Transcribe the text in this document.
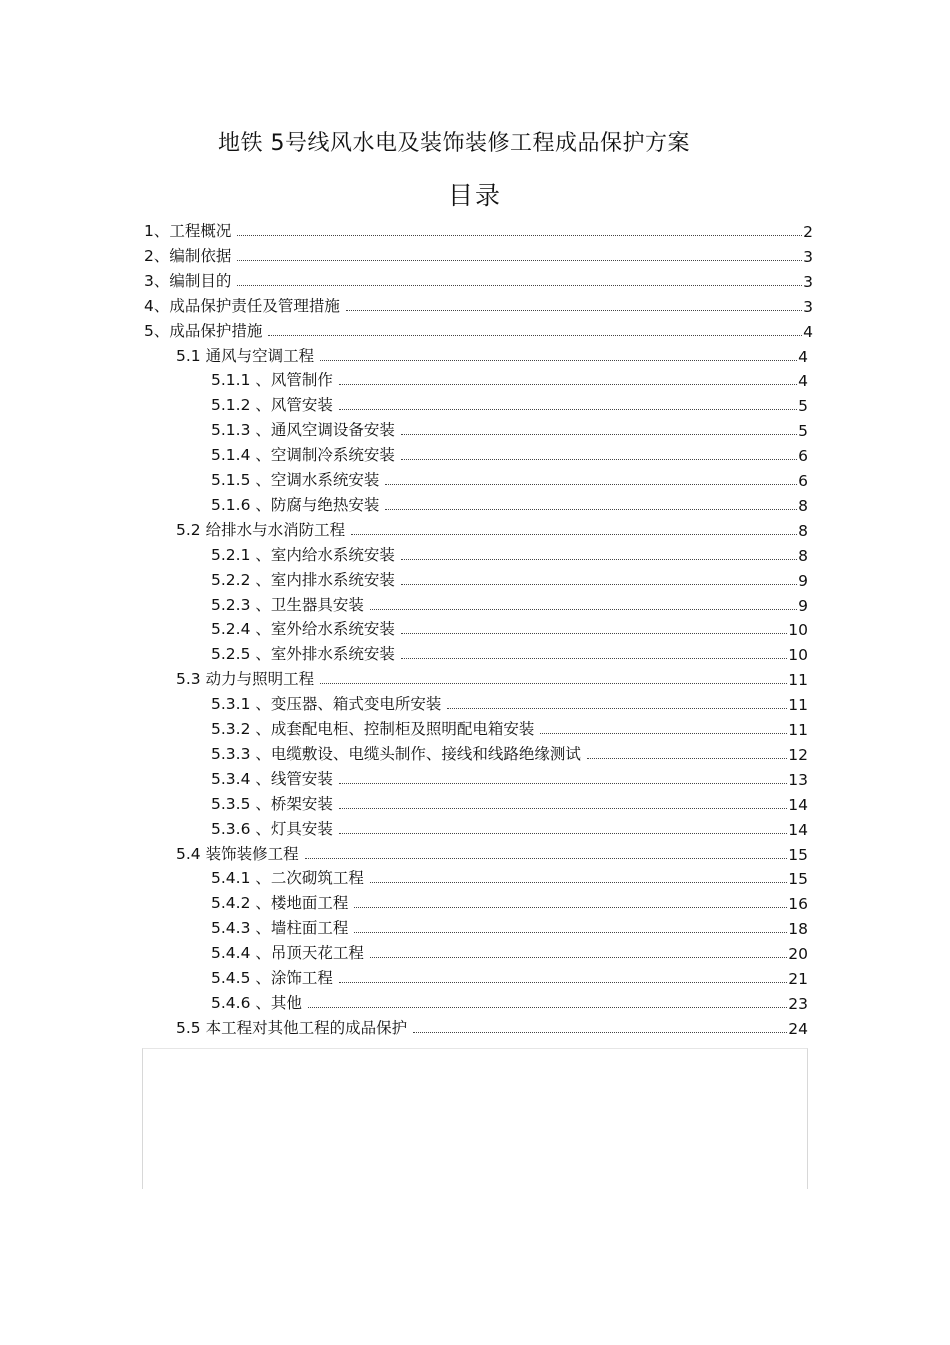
地铁 5号线风水电及装饰装修工程成品保护方案
目录
1、工程概况	2
2、编制依据	3
3、编制目的	3
4、成品保护责任及管理措施	3
5、成品保护措施	4
5.1 通风与空调工程	4
5.1.1 、风管制作	4
5.1.2 、风管安装	5
5.1.3 、通风空调设备安装	5
5.1.4 、空调制冷系统安装	6
5.1.5 、空调水系统安装	6
5.1.6 、防腐与绝热安装	8
5.2 给排水与水消防工程	8
5.2.1 、室内给水系统安装	8
5.2.2 、室内排水系统安装	9
5.2.3 、卫生器具安装	9
5.2.4 、室外给水系统安装	10
5.2.5 、室外排水系统安装	10
5.3 动力与照明工程	11
5.3.1 、变压器、箱式变电所安装	11
5.3.2 、成套配电柜、控制柜及照明配电箱安装	11
5.3.3 、电缆敷设、电缆头制作、接线和线路绝缘测试	12
5.3.4 、线管安装	13
5.3.5 、桥架安装	14
5.3.6 、灯具安装	14
5.4 装饰装修工程	15
5.4.1 、二次砌筑工程	15
5.4.2 、楼地面工程	16
5.4.3 、墙柱面工程	18
5.4.4 、吊顶天花工程	20
5.4.5 、涂饰工程	21
5.4.6 、其他	23
5.5 本工程对其他工程的成品保护	24
